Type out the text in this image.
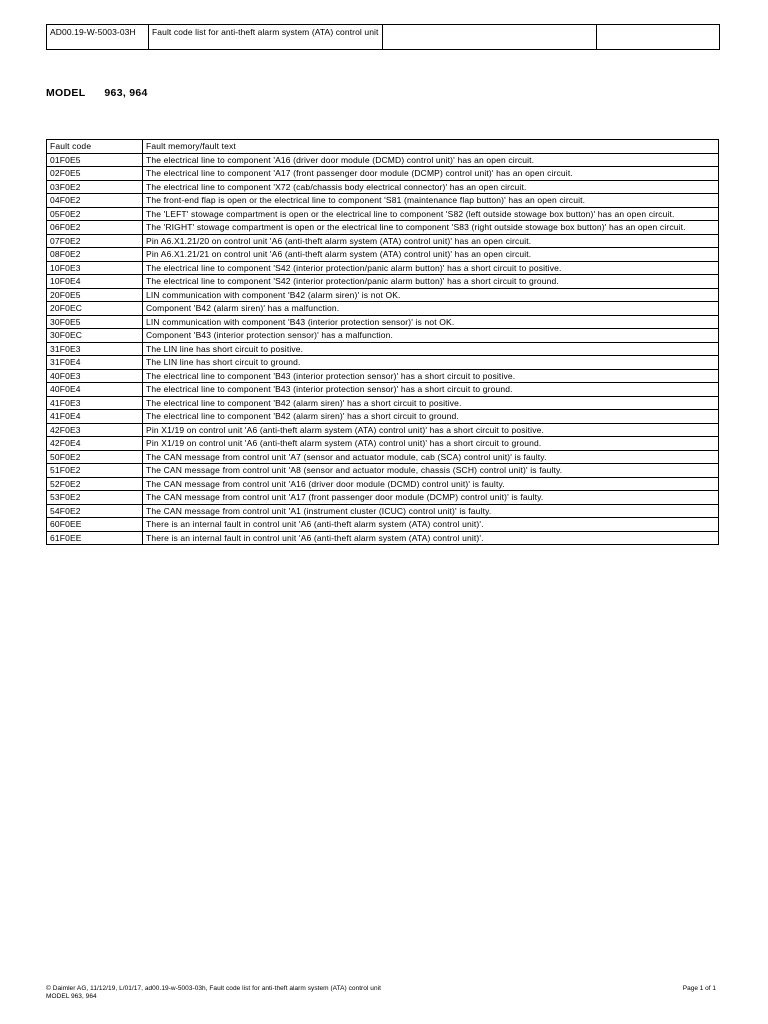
AD00.19-W-5003-03H	Fault code list for anti-theft alarm system (ATA) control unit		
MODEL 963, 964
Fault code	Fault memory/fault text
01F0E5	The electrical line to component 'A16 (driver door module (DCMD) control unit)' has an open circuit.
02F0E5	The electrical line to component 'A17 (front passenger door module (DCMP) control unit)' has an open circuit.
03F0E2	The electrical line to component 'X72 (cab/chassis body electrical connector)' has an open circuit.
04F0E2	The front-end flap is open or the electrical line to component 'S81 (maintenance flap button)' has an open circuit.
05F0E2	The 'LEFT' stowage compartment is open or the electrical line to component 'S82 (left outside stowage box button)' has an open circuit.
06F0E2	The 'RIGHT' stowage compartment is open or the electrical line to component 'S83 (right outside stowage box button)' has an open circuit.
07F0E2	Pin A6.X1.21/20 on control unit 'A6 (anti-theft alarm system (ATA) control unit)' has an open circuit.
08F0E2	Pin A6.X1.21/21 on control unit 'A6 (anti-theft alarm system (ATA) control unit)' has an open circuit.
10F0E3	The electrical line to component 'S42 (interior protection/panic alarm button)' has a short circuit to positive.
10F0E4	The electrical line to component 'S42 (interior protection/panic alarm button)' has a short circuit to ground.
20F0E5	LIN communication with component 'B42 (alarm siren)' is not OK.
20F0EC	Component 'B42 (alarm siren)' has a malfunction.
30F0E5	LIN communication with component 'B43 (interior protection sensor)' is not OK.
30F0EC	Component 'B43 (interior protection sensor)' has a malfunction.
31F0E3	The LIN line has short circuit to positive.
31F0E4	The LIN line has short circuit to ground.
40F0E3	The electrical line to component 'B43 (interior protection sensor)' has a short circuit to positive.
40F0E4	The electrical line to component 'B43 (interior protection sensor)' has a short circuit to ground.
41F0E3	The electrical line to component 'B42 (alarm siren)' has a short circuit to positive.
41F0E4	The electrical line to component 'B42 (alarm siren)' has a short circuit to ground.
42F0E3	Pin X1/19 on control unit 'A6 (anti-theft alarm system (ATA) control unit)' has a short circuit to positive.
42F0E4	Pin X1/19 on control unit 'A6 (anti-theft alarm system (ATA) control unit)' has a short circuit to ground.
50F0E2	The CAN message from control unit 'A7 (sensor and actuator module, cab (SCA) control unit)' is faulty.
51F0E2	The CAN message from control unit 'A8 (sensor and actuator module, chassis (SCH) control unit)' is faulty.
52F0E2	The CAN message from control unit 'A16 (driver door module (DCMD) control unit)' is faulty.
53F0E2	The CAN message from control unit 'A17 (front passenger door module (DCMP) control unit)' is faulty.
54F0E2	The CAN message from control unit 'A1 (instrument cluster (ICUC) control unit)' is faulty.
60F0EE	There is an internal fault in control unit 'A6 (anti-theft alarm system (ATA) control unit)'.
61F0EE	There is an internal fault in control unit 'A6 (anti-theft alarm system (ATA) control unit)'.
© Daimler AG, 11/12/19, L/01/17, ad00.19-w-5003-03h, Fault code list for anti-theft alarm system (ATA) control unit
MODEL 963, 964
Page 1 of 1
